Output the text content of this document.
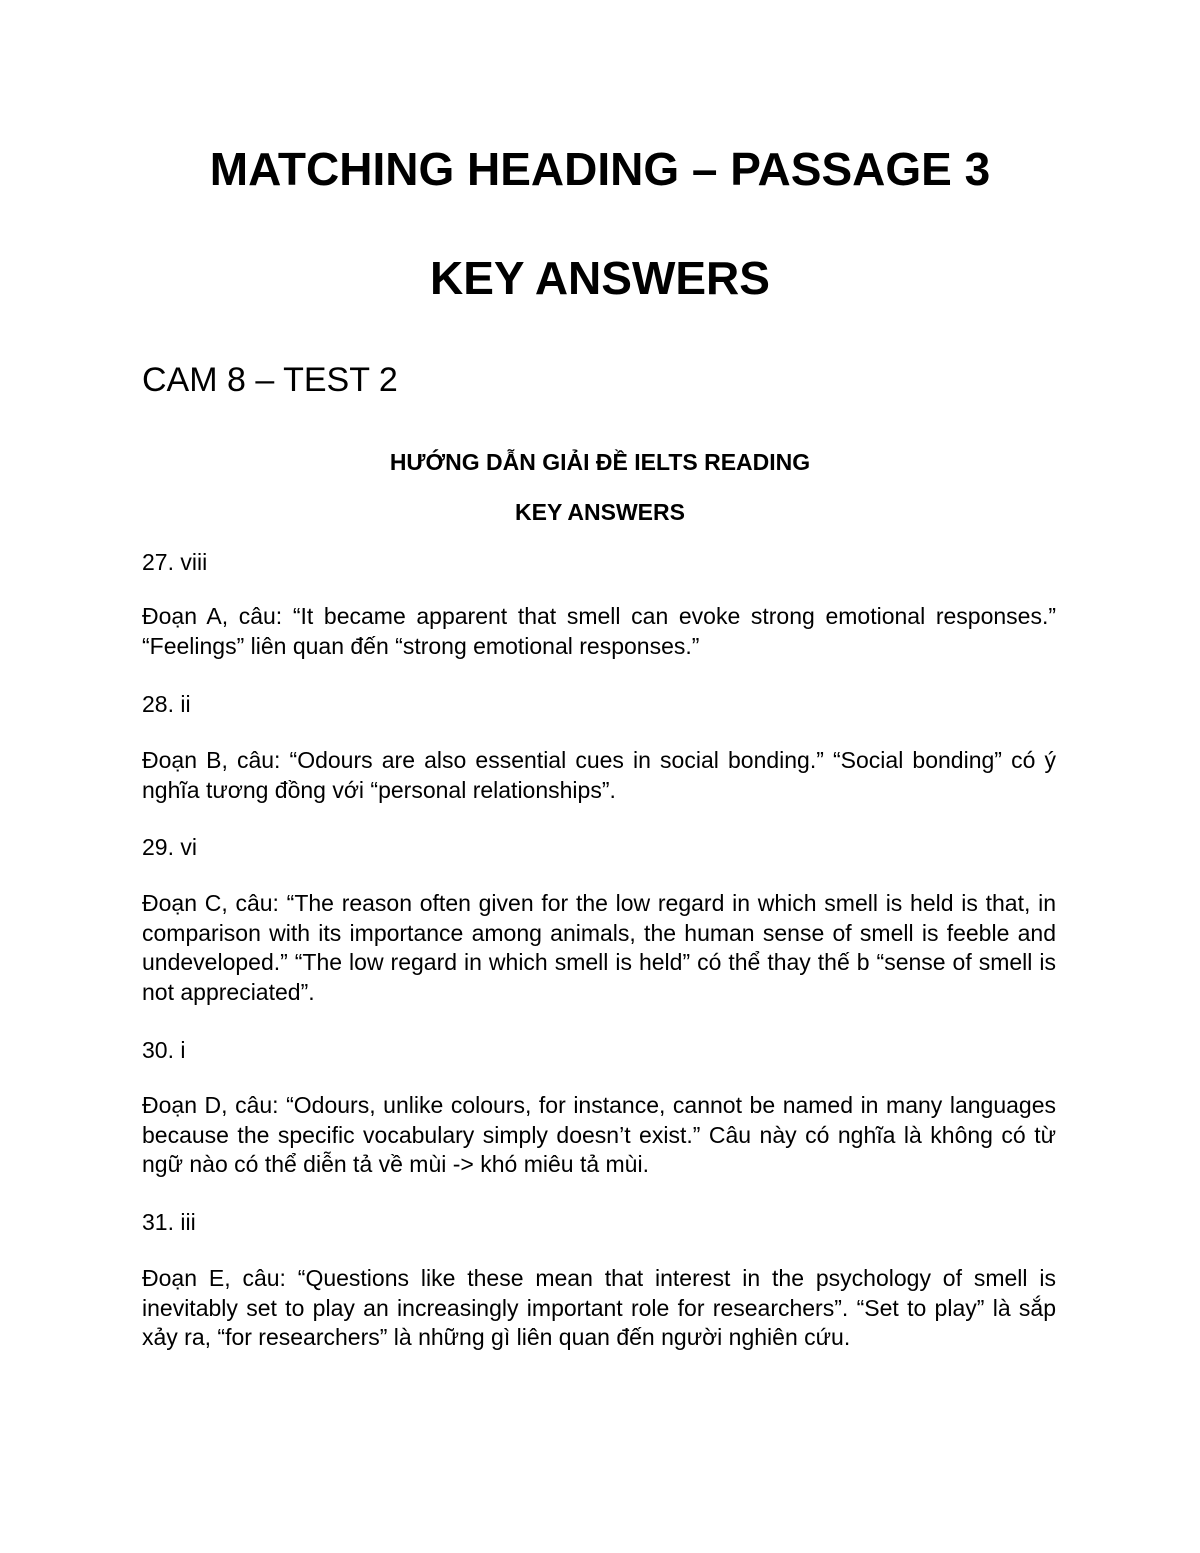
MATCHING HEADING – PASSAGE 3
KEY ANSWERS
CAM 8 – TEST 2
HƯỚNG DẪN GIẢI ĐỀ IELTS READING
KEY ANSWERS

27. viii

Đoạn A, câu: “It became apparent that smell can evoke strong emotional responses.” “Feelings” liên quan đến “strong emotional responses.”

28. ii

Đoạn B, câu: “Odours are also essential cues in social bonding.” “Social bonding” có ý nghĩa tương đồng với “personal relationships”.

29. vi

Đoạn C, câu: “The reason often given for the low regard in which smell is held is that, in comparison with its importance among animals, the human sense of smell is feeble and undeveloped.” “The low regard in which smell is held” có thể thay thế b “sense of smell is not appreciated”.

30. i

Đoạn D, câu: “Odours, unlike colours, for instance, cannot be named in many languages because the specific vocabulary simply doesn’t exist.” Câu này có nghĩa là không có từ ngữ nào có thể diễn tả về mùi -> khó miêu tả mùi.

31. iii

Đoạn E, câu: “Questions like these mean that interest in the psychology of smell is inevitably set to play an increasingly important role for researchers”. “Set to play” là sắp xảy ra, “for researchers” là những gì liên quan đến người nghiên cứu.
